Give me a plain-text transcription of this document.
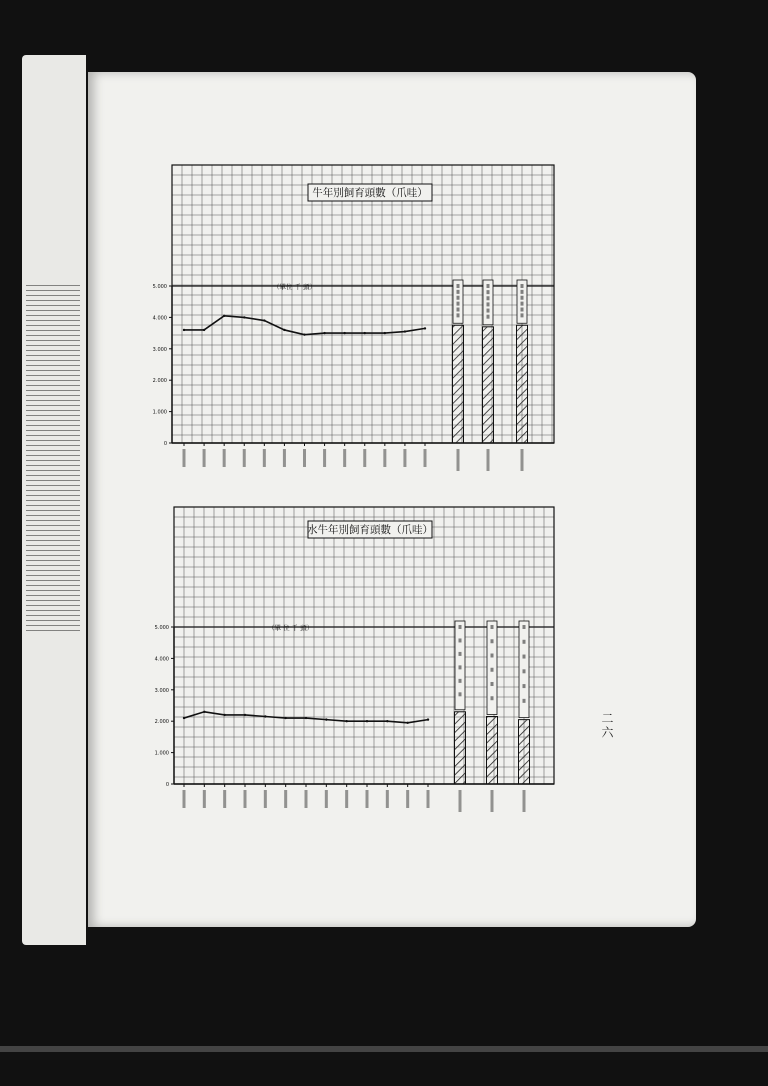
牛年別飼育頭數（爪哇）
（單位 千 頭）
0
1.000
2.000
3.000
4.000
5.000
水牛年別飼育頭數（爪哇）
（單 位 千 頭）
0
1.000
2.000
3.000
4.000
5.000
二六
